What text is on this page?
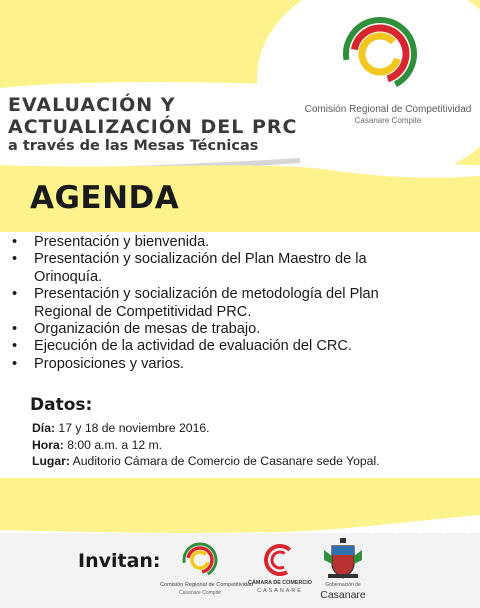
Comisión Regional de Competitividad
Casanare Compite
EVALUACIÓN Y
ACTUALIZACIÓN DEL PRC
a través de las Mesas Técnicas
AGENDA
• Presentación y bienvenida.
• Presentación y socialización del Plan Maestro de la
Orinoquía.
• Presentación y socialización de metodología del Plan
Regional de Competitividad PRC.
• Organización de mesas de trabajo.
• Ejecución de la actividad de evaluación del CRC.
• Proposiciones y varios.
Datos:
Día: 17 y 18 de noviembre 2016.
Hora: 8:00 a.m. a 12 m.
Lugar: Auditorio Cámara de Comercio de Casanare sede Yopal.
Invitan:
Comisión Regional de Competitividad
Casanare Compite
CÁMARA DE COMERCIO
CASANARE
Gobernación de
Casanare
